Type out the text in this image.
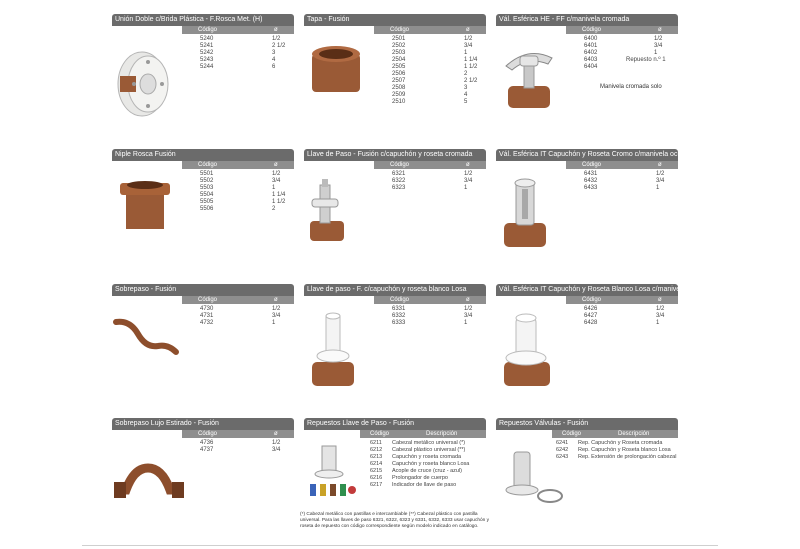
Unión Doble c/Brida Plástica - F.Rosca Met. (H)
Código	ø
5240	1/2
5241	2 1/2
5242	3
5243	4
5244	6
Tapa - Fusión
Código	ø
2501	1/2
2502	3/4
2503	1
2504	1 1/4
2505	1 1/2
2506	2
2507	2 1/2
2508	3
2509	4
2510	5
Vál. Esférica HE - FF c/manivela cromada
Código	ø
6400	1/2
6401	3/4
6402	1
6403	Repuesto n.º 1
6404
Manivela cromada solo
Niple Rosca Fusión
Código	ø
5501	1/2
5502	3/4
5503	1
5504	1 1/4
5505	1 1/2
5506	2
Llave de Paso - Fusión c/capuchón y roseta cromada
Código	ø
6321	1/2
6322	3/4
6323	1
Vál. Esférica IT Capuchón y Roseta Cromo c/manivela oculta
Código	ø
6431	1/2
6432	3/4
6433	1
Sobrepaso - Fusión
Código	ø
4730	1/2
4731	3/4
4732	1
Llave de paso - F. c/capuchón y roseta blanco Losa
Código	ø
6331	1/2
6332	3/4
6333	1
Vál. Esférica IT Capuchón y Roseta Blanco Losa c/manivela oculta
Código	ø
6426	1/2
6427	3/4
6428	1
Sobrepaso Lujo Estirado - Fusión
Código	ø
4736	1/2
4737	3/4
Repuestos Llave de Paso - Fusión
Código	Descripción
6211 Cabezal metálico universal (*)
6212 Cabezal plástico universal (**)
6213 Capuchón y roseta cromada
6214 Capuchón y roseta blanco Losa
6215 Acople de cruce (cruz - azul)
6216 Prolongador de cuerpo
6217 Indicador de llave de paso
Repuestos Válvulas - Fusión
Código	Descripción
6241 Rep. Capuchón y Roseta cromada
6242 Rep. Capuchón y Roseta blanco Losa
6243 Rep. Extensión de prolongación cabezal
(*) Cabezal metálico con pastillas e intercambiable (**) Cabezal plástico con pastilla universal. Para las llaves de paso 6321, 6322, 6323 y 6331, 6332, 6333 usar capuchón y roseta de repuesto con código correspondiente según modelo indicado en catálogo.
